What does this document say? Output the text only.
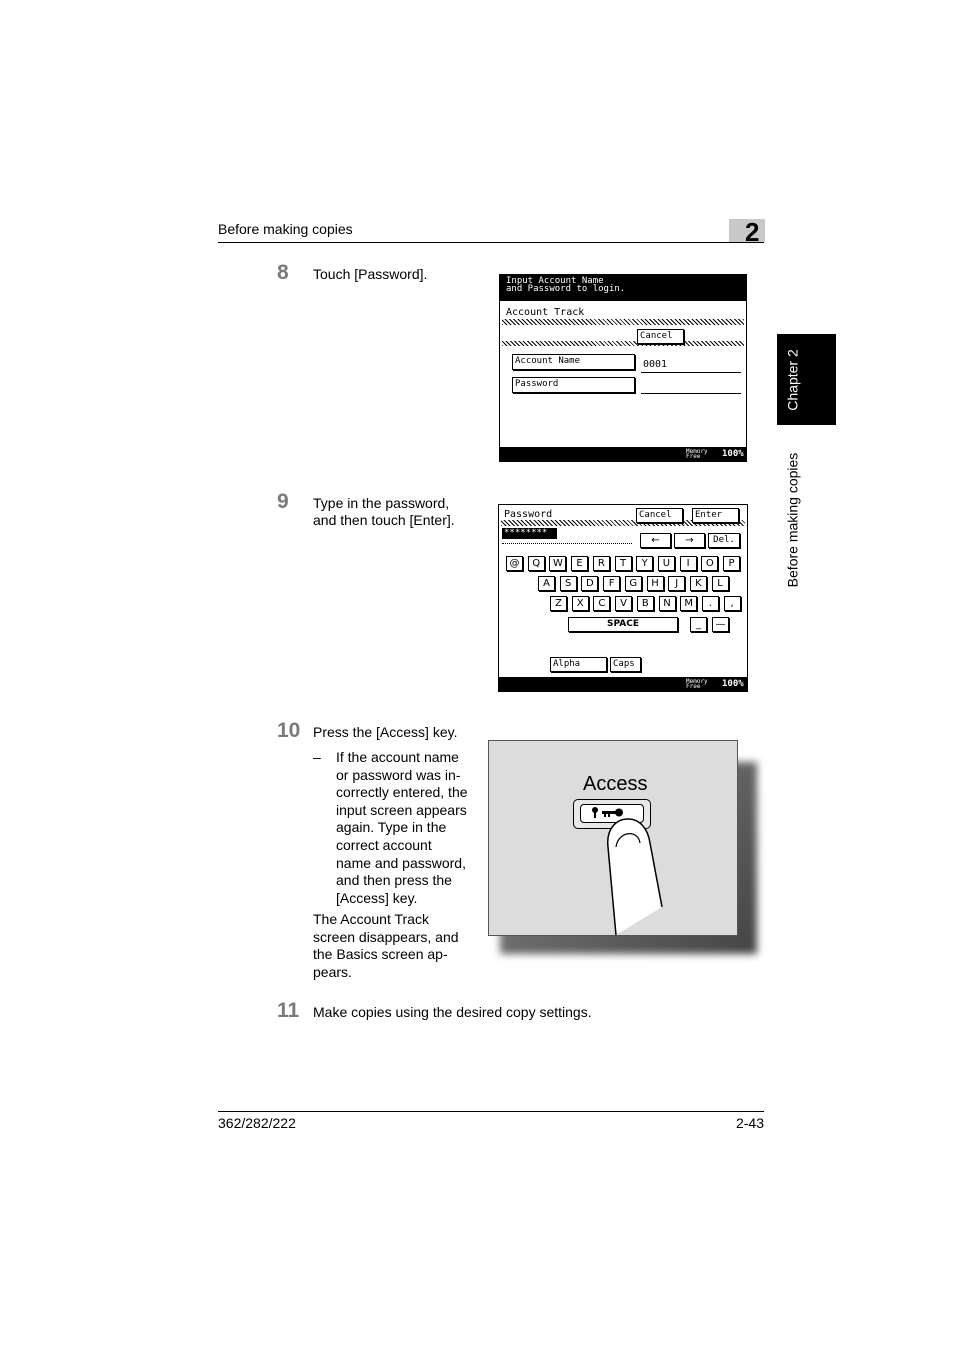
Before making copies	2
Chapter 2
Before making copies
8 Touch [Password].	Input Account Name
and Password to login.
Account Track
Cancel
Account Name	0001
Password
Memory
Free 100%
9 Type in the password,
and then touch [Enter].	Password	Cancel	Enter
********
←	→	Del.
@	Q	W	E	R	T	Y	U	I	O	P
A	S	D	F	G	H	J	K	L
Z	X	C	V	B	N	M	.	,
SPACE	_	—
Alpha	Caps
Memory
Free 100%
10 Press the [Access] key.
– If the account name
or password was in-
correctly entered, the
input screen appears
again. Type in the
correct account
name and password,
and then press the
[Access] key.
The Account Track
screen disappears, and
the Basics screen ap-
pears.
Access
11 Make copies using the desired copy settings.
362/282/222	2-43
